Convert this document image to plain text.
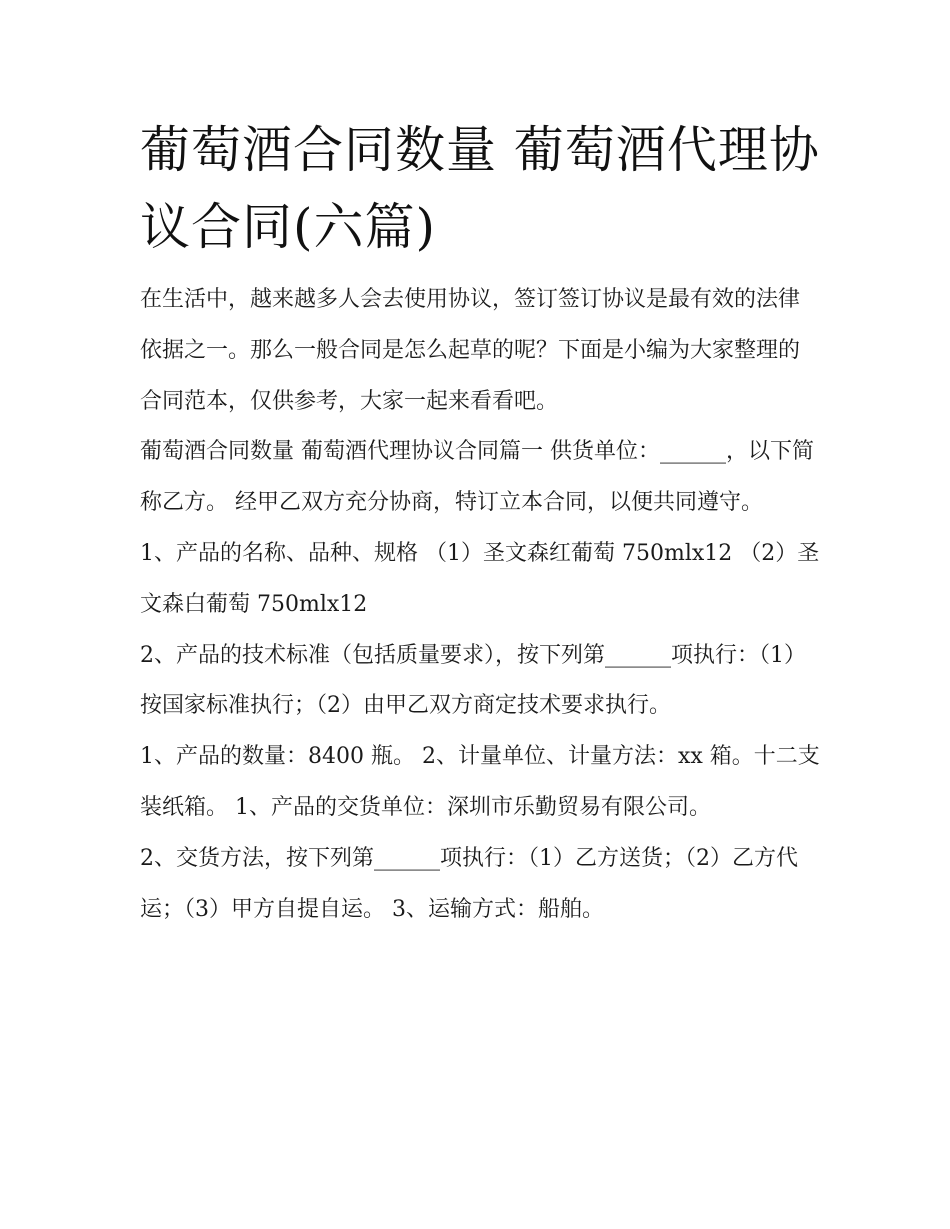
葡萄酒合同数量 葡萄酒代理协议合同(六篇)

在生活中，越来越多人会去使用协议，签订签订协议是最有效的法律依据之一。那么一般合同是怎么起草的呢？下面是小编为大家整理的合同范本，仅供参考，大家一起来看看吧。

葡萄酒合同数量 葡萄酒代理协议合同篇一 供货单位：______，以下简称乙方。 经甲乙双方充分协商，特订立本合同，以便共同遵守。

1、产品的名称、品种、规格 （1）圣文森红葡萄 750mlx12 （2）圣文森白葡萄 750mlx12

2、产品的技术标准（包括质量要求），按下列第______项执行：（1）按国家标准执行；（2）由甲乙双方商定技术要求执行。

1、产品的数量：8400 瓶。 2、计量单位、计量方法：xx 箱。十二支装纸箱。 1、产品的交货单位：深圳市乐勤贸易有限公司。

2、交货方法，按下列第______项执行：（1）乙方送货；（2）乙方代运；（3）甲方自提自运。 3、运输方式：船舶。
